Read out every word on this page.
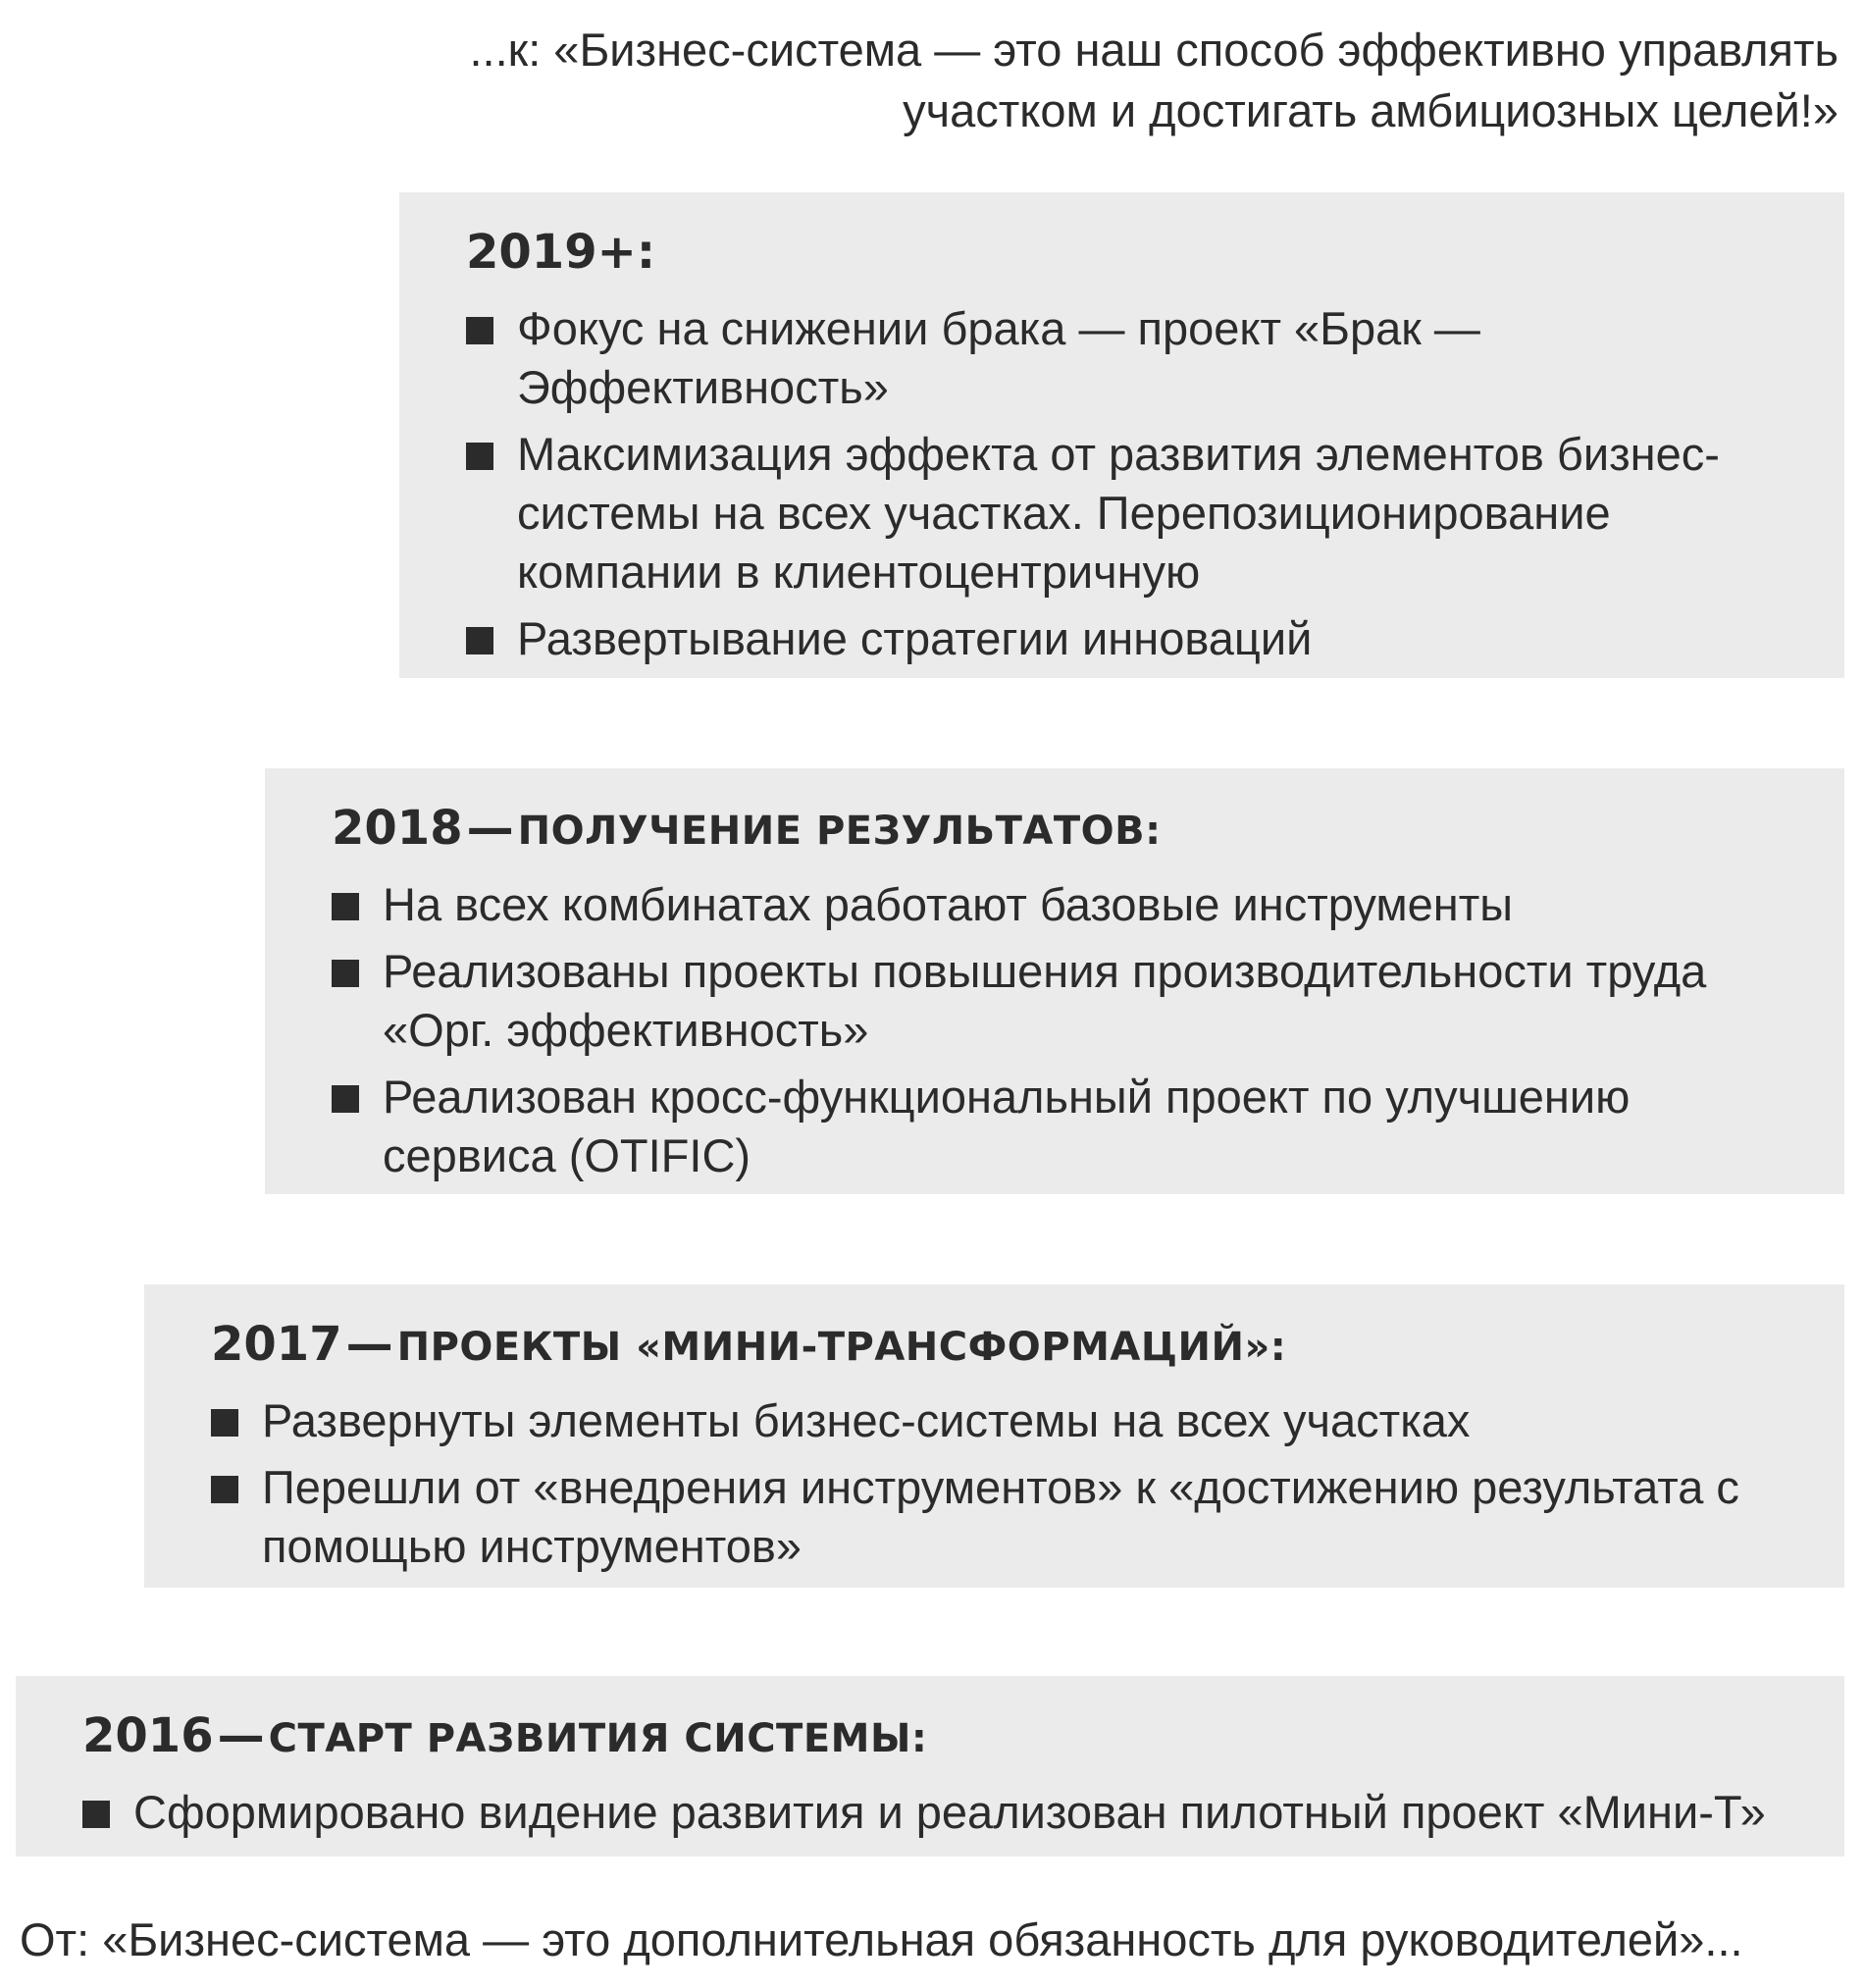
...к: «Бизнес-система — это наш способ эффективно управлять участком и достигать амбициозных целей!»
2019+:
Фокус на снижении брака — проект «Брак — Эффективность»
Максимизация эффекта от развития элементов бизнес-системы на всех участках. Перепозиционирование компании в клиентоцентричную
Развертывание стратегии инноваций
2018— ПОЛУЧЕНИЕ РЕЗУЛЬТАТОВ:
На всех комбинатах работают базовые инструменты
Реализованы проекты повышения производительности труда «Орг. эффективность»
Реализован кросс-функциональный проект по улучшению сервиса (OTIFIC)
2017— ПРОЕКТЫ «МИНИ-ТРАНСФОРМАЦИЙ»:
Развернуты элементы бизнес-системы на всех участках
Перешли от «внедрения инструментов» к «достижению результата с помощью инструментов»
2016— СТАРТ РАЗВИТИЯ СИСТЕМЫ:
Сформировано видение развития и реализован пилотный проект «Мини-Т»
От: «Бизнес-система — это дополнительная обязанность для руководителей»...
